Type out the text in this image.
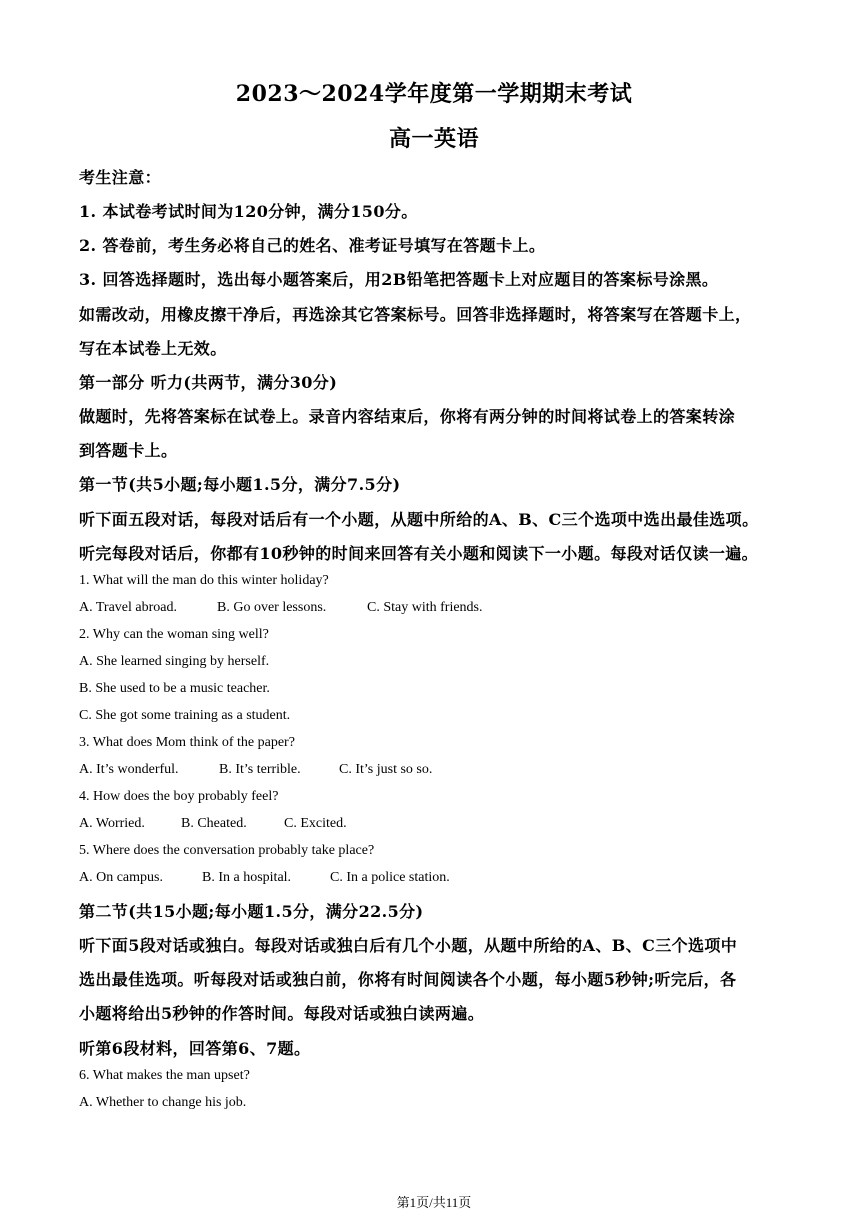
2023～2024学年度第一学期期末考试
高一英语
考生注意：
1. 本试卷考试时间为120分钟，满分150分。
2. 答卷前，考生务必将自己的姓名、准考证号填写在答题卡上。
3. 回答选择题时，选出每小题答案后，用2B铅笔把答题卡上对应题目的答案标号涂黑。
如需改动，用橡皮擦干净后，再选涂其它答案标号。回答非选择题时，将答案写在答题卡上，
写在本试卷上无效。
第一部分 听力(共两节，满分30分)
做题时，先将答案标在试卷上。录音内容结束后，你将有两分钟的时间将试卷上的答案转涂
到答题卡上。
第一节(共5小题;每小题1.5分，满分7.5分)
听下面五段对话，每段对话后有一个小题，从题中所给的A、B、C三个选项中选出最佳选项。
听完每段对话后，你都有10秒钟的时间来回答有关小题和阅读下一小题。每段对话仅读一遍。
1. What will the man do this winter holiday?
A. Travel abroad.	B. Go over lessons.	C. Stay with friends.
2. Why can the woman sing well?
A. She learned singing by herself.
B. She used to be a music teacher.
C. She got some training as a student.
3. What does Mom think of the paper?
A. It’s wonderful.	B. It’s terrible.	C. It’s just so so.
4. How does the boy probably feel?
A. Worried.	B. Cheated.	C. Excited.
5. Where does the conversation probably take place?
A. On campus.	B. In a hospital.	C. In a police station.
第二节(共15小题;每小题1.5分，满分22.5分)
听下面5段对话或独白。每段对话或独白后有几个小题，从题中所给的A、B、C三个选项中
选出最佳选项。听每段对话或独白前，你将有时间阅读各个小题，每小题5秒钟;听完后，各
小题将给出5秒钟的作答时间。每段对话或独白读两遍。
听第6段材料，回答第6、7题。
6. What makes the man upset?
A. Whether to change his job.
第1页/共11页
